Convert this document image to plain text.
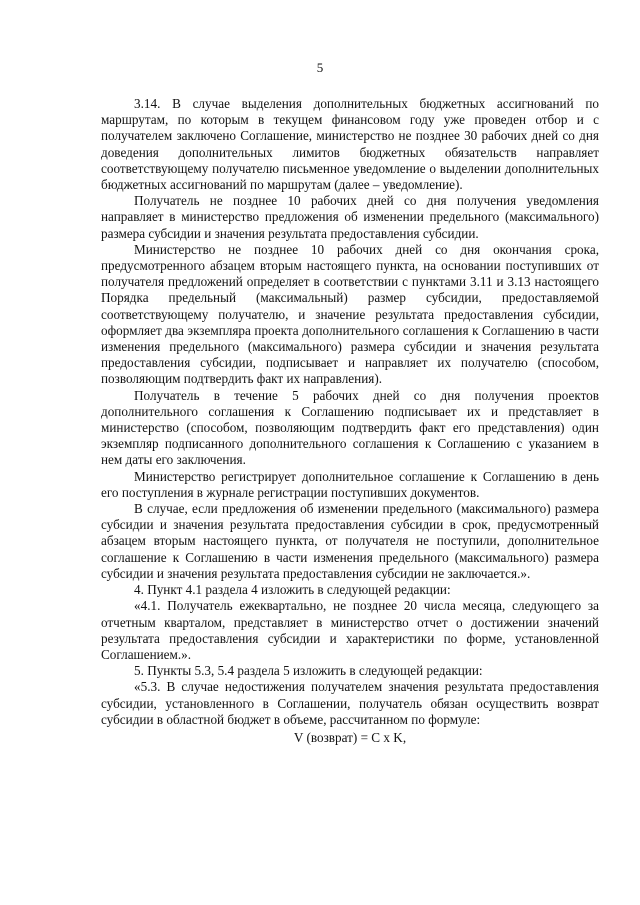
5

3.14. В случае выделения дополнительных бюджетных ассигнований по маршрутам, по которым в текущем финансовом году уже проведен отбор и с получателем заключено Соглашение, министерство не позднее 30 рабочих дней со дня доведения дополнительных лимитов бюджетных обязательств направляет соответствующему получателю письменное уведомление о выделении дополнительных бюджетных ассигнований по маршрутам (далее – уведомление).

Получатель не позднее 10 рабочих дней со дня получения уведомления направляет в министерство предложения об изменении предельного (максимального) размера субсидии и значения результата предоставления субсидии.

Министерство не позднее 10 рабочих дней со дня окончания срока, предусмотренного абзацем вторым настоящего пункта, на основании поступивших от получателя предложений определяет в соответствии с пунктами 3.11 и 3.13 настоящего Порядка предельный (максимальный) размер субсидии, предоставляемой соответствующему получателю, и значение результата предоставления субсидии, оформляет два экземпляра проекта дополнительного соглашения к Соглашению в части изменения предельного (максимального) размера субсидии и значения результата предоставления субсидии, подписывает и направляет их получателю (способом, позволяющим подтвердить факт их направления).

Получатель в течение 5 рабочих дней со дня получения проектов дополнительного соглашения к Соглашению подписывает их и представляет в министерство (способом, позволяющим подтвердить факт его представления) один экземпляр подписанного дополнительного соглашения к Соглашению с указанием в нем даты его заключения.

Министерство регистрирует дополнительное соглашение к Соглашению в день его поступления в журнале регистрации поступивших документов.

В случае, если предложения об изменении предельного (максимального) размера субсидии и значения результата предоставления субсидии в срок, предусмотренный абзацем вторым настоящего пункта, от получателя не поступили, дополнительное соглашение к Соглашению в части изменения предельного (максимального) размера субсидии и значения результата предоставления субсидии не заключается.».

4. Пункт 4.1 раздела 4 изложить в следующей редакции:

«4.1. Получатель ежеквартально, не позднее 20 числа месяца, следующего за отчетным кварталом, представляет в министерство отчет о достижении значений результата предоставления субсидии и характеристики по форме, установленной Соглашением.».

5. Пункты 5.3, 5.4 раздела 5 изложить в следующей редакции:

«5.3. В случае недостижения получателем значения результата предоставления субсидии, установленного в Соглашении, получатель обязан осуществить возврат субсидии в областной бюджет в объеме, рассчитанном по формуле:

V (возврат) = C x K,
